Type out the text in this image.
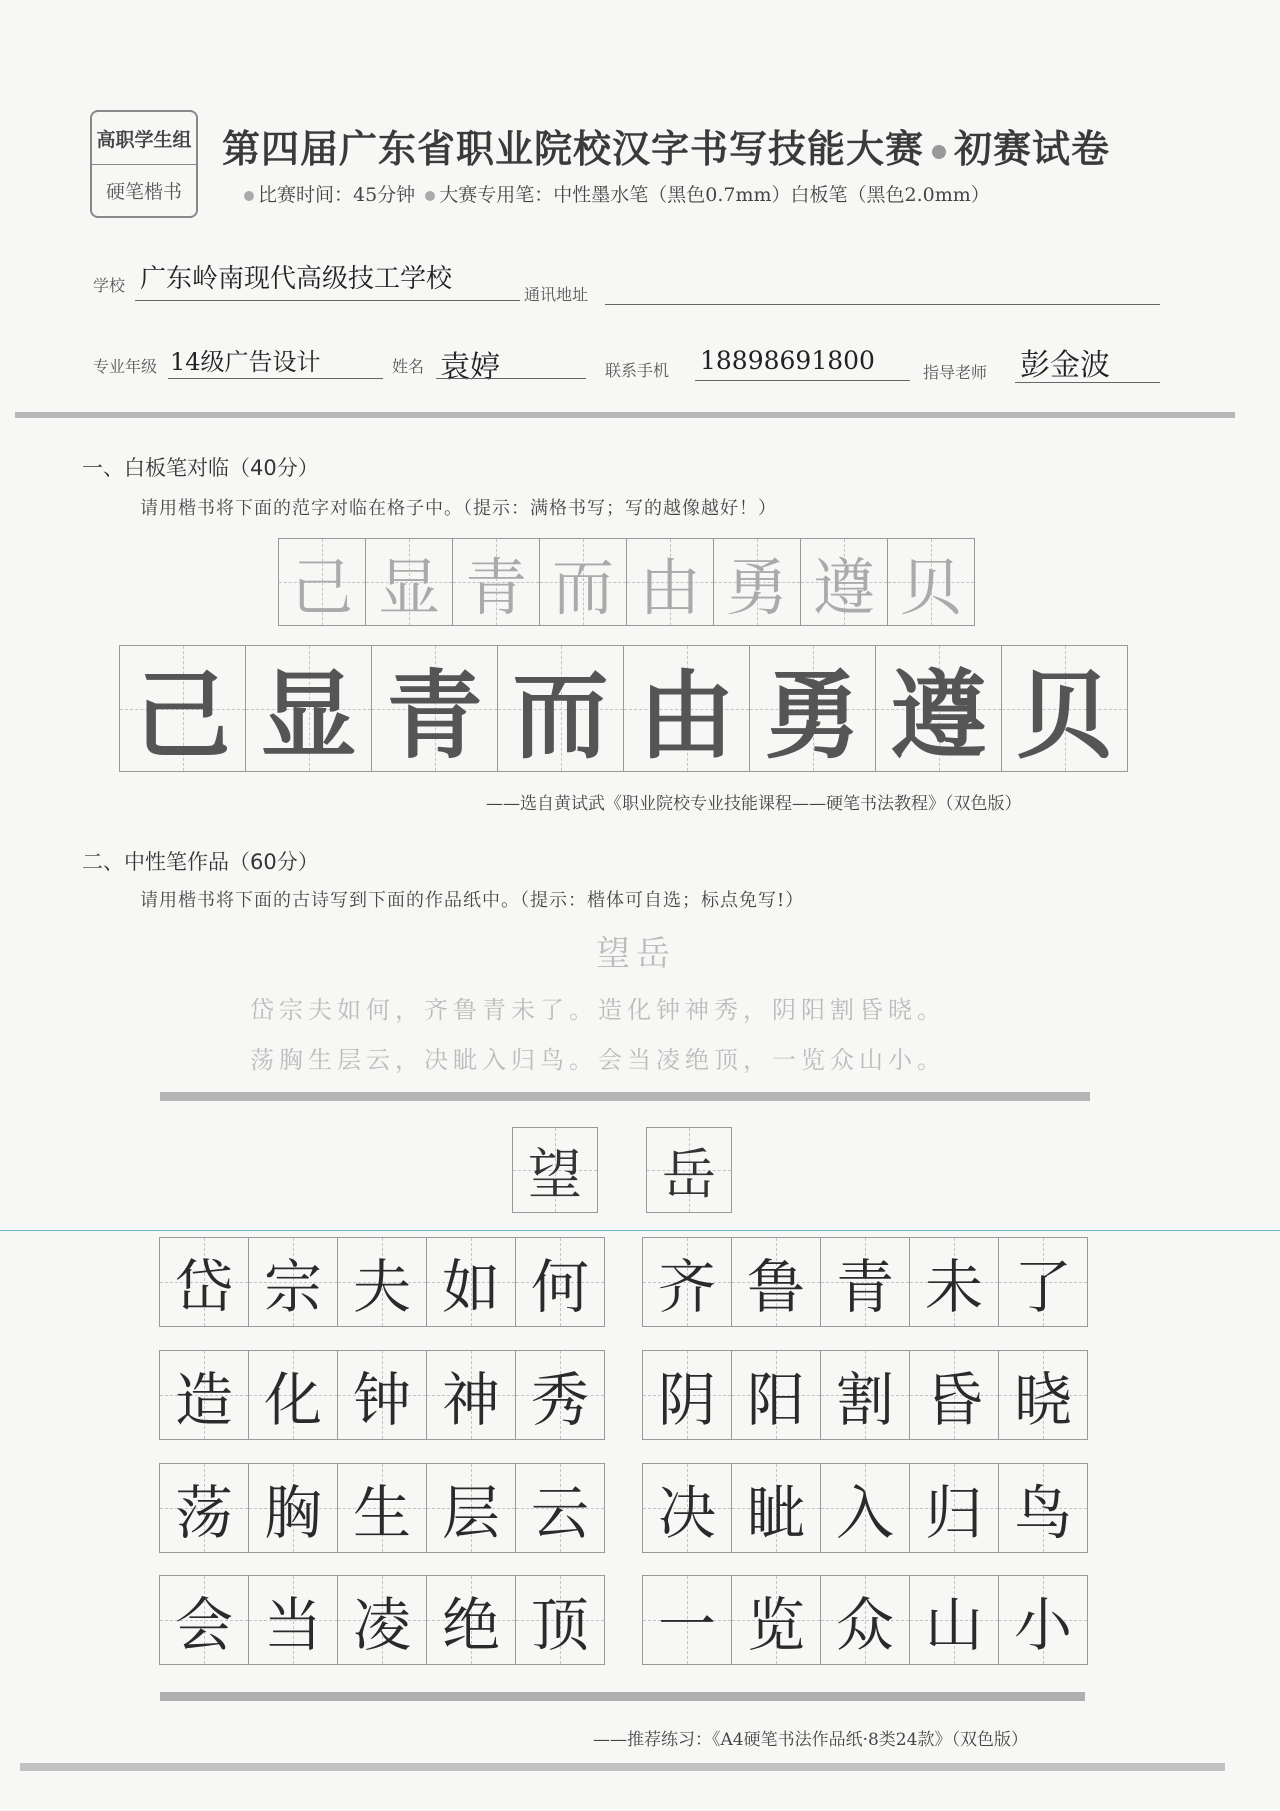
高职学生组
硬笔楷书
第四届广东省职业院校汉字书写技能大赛 初赛试卷
比赛时间：45分钟 大赛专用笔：中性墨水笔（黑色0.7mm）白板笔（黑色2.0mm）
学校 广东岭南现代高级技工学校
通讯地址
专业年级 14级广告设计	姓名 袁婷	联系手机 18898691800	指导老师 彭金波
一、白板笔对临（40分）
请用楷书将下面的范字对临在格子中。（提示：满格书写；写的越像越好！）
己 显 青 而 由 勇 遵 贝
己 显 青 而 由 勇 遵 贝
——选自黄试武《职业院校专业技能课程——硬笔书法教程》（双色版）
二、中性笔作品（60分）
请用楷书将下面的古诗写到下面的作品纸中。（提示：楷体可自选；标点免写!）
望岳
岱宗夫如何，齐鲁青未了。造化钟神秀，阴阳割昏晓。
荡胸生层云，决眦入归鸟。会当凌绝顶，一览众山小。
望 岳
岱 宗 夫 如 何 齐 鲁 青 未 了
造 化 钟 神 秀 阴 阳 割 昏 晓
荡 胸 生 层 云 决 眦 入 归 鸟
会 当 凌 绝 顶 一 览 众 山 小
——推荐练习：《A4硬笔书法作品纸·8类24款》（双色版）
